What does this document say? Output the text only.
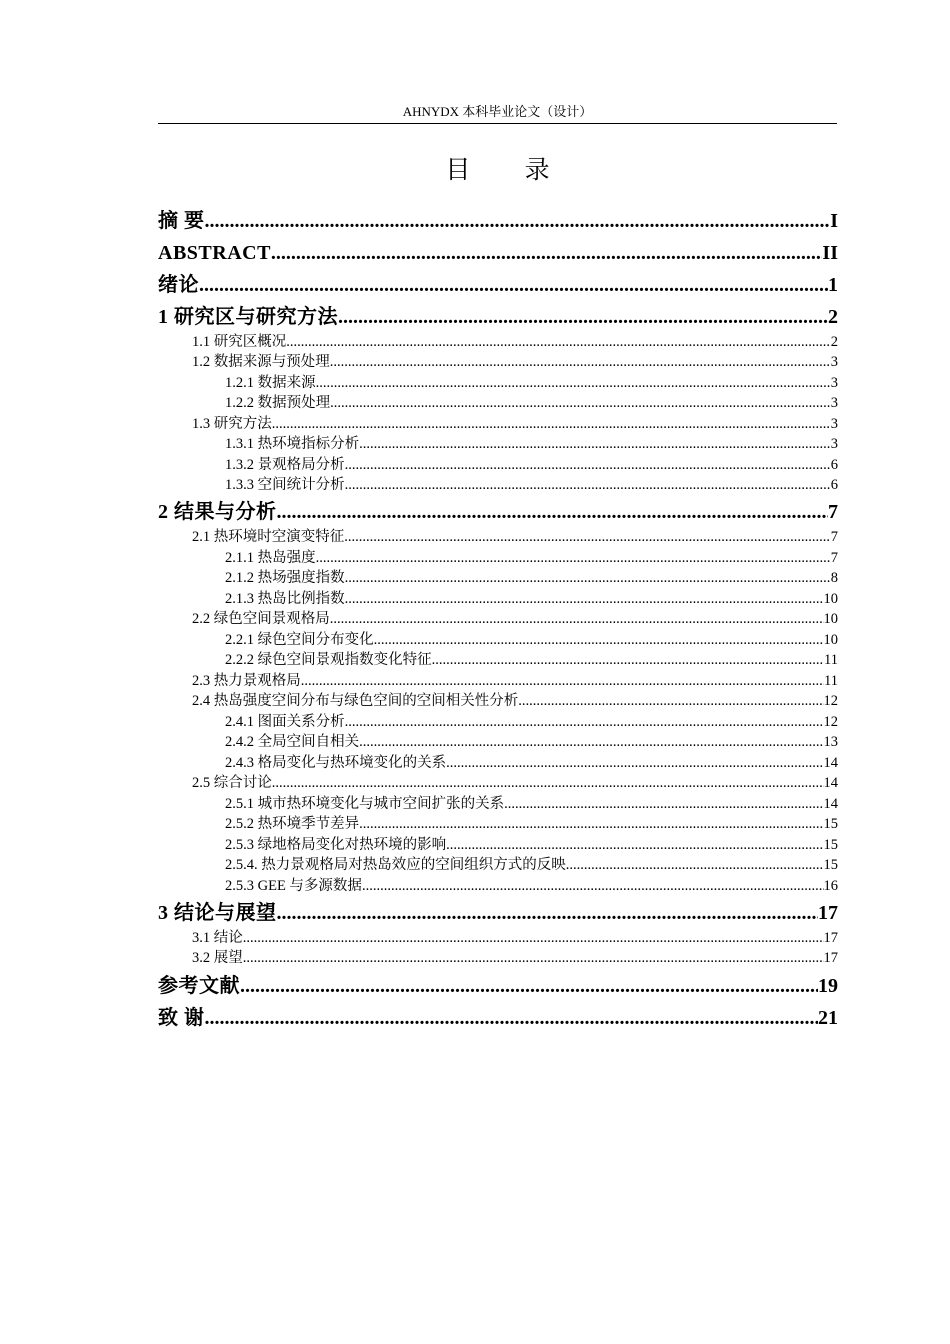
AHNYDX 本科毕业论文（设计）
目 录
摘 要 .....	I
ABSTRACT .....	II
绪论 .....	1
1 研究区与研究方法 .....	2
1.1 研究区概况 .....	2
1.2 数据来源与预处理 .....	3
1.2.1 数据来源 .....	3
1.2.2 数据预处理 .....	3
1.3 研究方法 .....	3
1.3.1 热环境指标分析 .....	3
1.3.2 景观格局分析 .....	6
1.3.3 空间统计分析 .....	6
2 结果与分析 .....	7
2.1 热环境时空演变特征 .....	7
2.1.1 热岛强度 .....	7
2.1.2 热场强度指数 .....	8
2.1.3 热岛比例指数 .....	10
2.2 绿色空间景观格局 .....	10
2.2.1 绿色空间分布变化 .....	10
2.2.2 绿色空间景观指数变化特征 .....	11
2.3 热力景观格局 .....	11
2.4 热岛强度空间分布与绿色空间的空间相关性分析 .....	12
2.4.1 图面关系分析 .....	12
2.4.2 全局空间自相关 .....	13
2.4.3 格局变化与热环境变化的关系 .....	14
2.5 综合讨论 .....	14
2.5.1 城市热环境变化与城市空间扩张的关系 .....	14
2.5.2 热环境季节差异 .....	15
2.5.3 绿地格局变化对热环境的影响 .....	15
2.5.4. 热力景观格局对热岛效应的空间组织方式的反映 .....	15
2.5.3 GEE 与多源数据 .....	16
3 结论与展望 .....	17
3.1 结论 .....	17
3.2 展望 .....	17
参考文献 .....	19
致 谢 .....	21
